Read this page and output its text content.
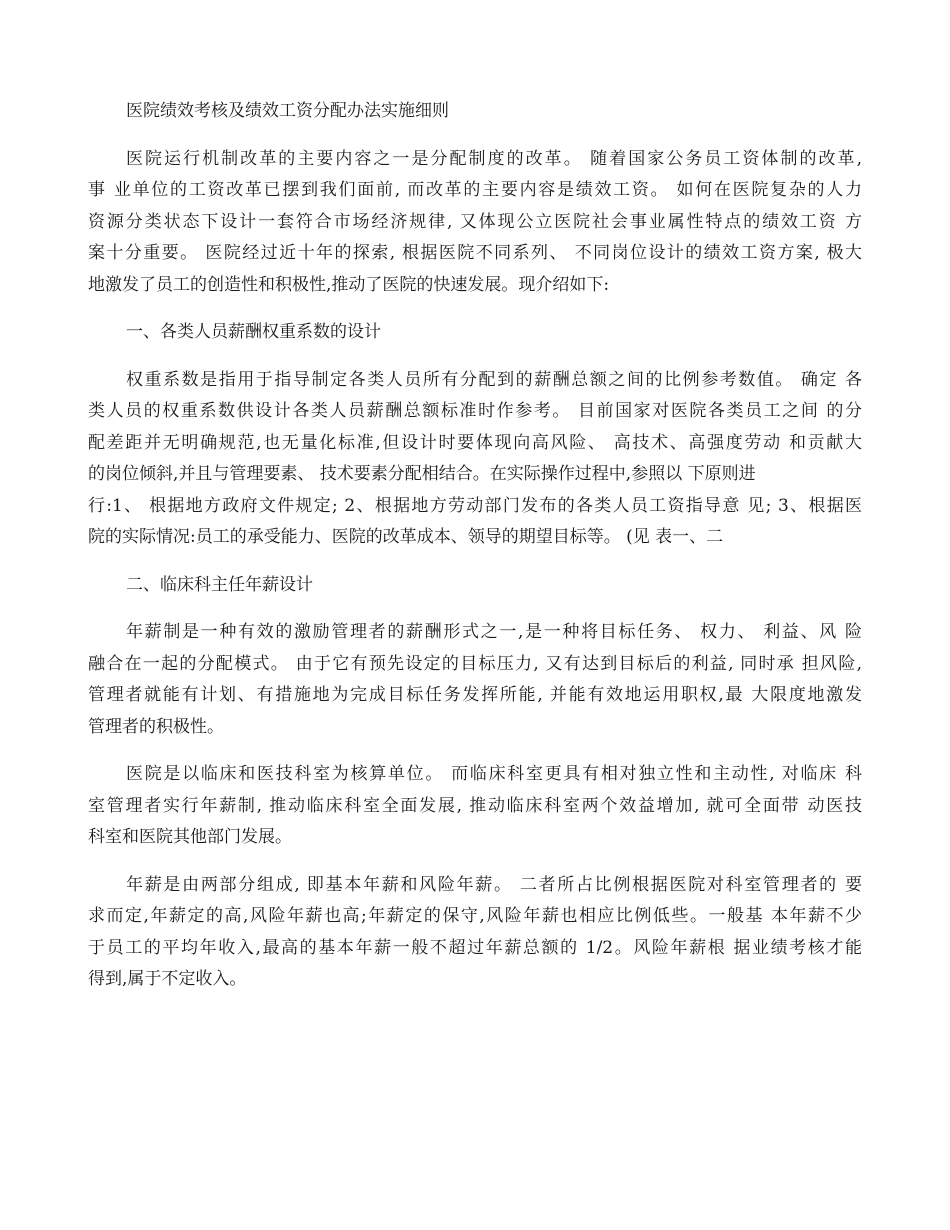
医院绩效考核及绩效工资分配办法实施细则
医院运行机制改革的主要内容之一是分配制度的改革。 随着国家公务员工资体制的改革,
事 业单位的工资改革已摆到我们面前, 而改革的主要内容是绩效工资。 如何在医院复杂的人力
资源分类状态下设计一套符合市场经济规律, 又体现公立医院社会事业属性特点的绩效工资 方
案十分重要。 医院经过近十年的探索, 根据医院不同系列、 不同岗位设计的绩效工资方案, 极大
地激发了员工的创造性和积极性,推动了医院的快速发展。现介绍如下:
一、各类人员薪酬权重系数的设计
权重系数是指用于指导制定各类人员所有分配到的薪酬总额之间的比例参考数值。 确定 各
类人员的权重系数供设计各类人员薪酬总额标准时作参考。 目前国家对医院各类员工之间 的分
配差距并无明确规范,也无量化标准,但设计时要体现向高风险、 高技术、高强度劳动 和贡献大
的岗位倾斜,并且与管理要素、 技术要素分配相结合。在实际操作过程中,参照以 下原则进
行:1、 根据地方政府文件规定; 2、根据地方劳动部门发布的各类人员工资指导意 见; 3、根据医
院的实际情况:员工的承受能力、医院的改革成本、领导的期望目标等。 (见 表一、二
二、临床科主任年薪设计
年薪制是一种有效的激励管理者的薪酬形式之一,是一种将目标任务、 权力、 利益、风 险
融合在一起的分配模式。 由于它有预先设定的目标压力, 又有达到目标后的利益, 同时承 担风险,
管理者就能有计划、有措施地为完成目标任务发挥所能, 并能有效地运用职权,最 大限度地激发
管理者的积极性。
医院是以临床和医技科室为核算单位。 而临床科室更具有相对独立性和主动性, 对临床 科
室管理者实行年薪制, 推动临床科室全面发展, 推动临床科室两个效益增加, 就可全面带 动医技
科室和医院其他部门发展。
年薪是由两部分组成, 即基本年薪和风险年薪。 二者所占比例根据医院对科室管理者的 要
求而定,年薪定的高,风险年薪也高;年薪定的保守,风险年薪也相应比例低些。一般基 本年薪不少
于员工的平均年收入,最高的基本年薪一般不超过年薪总额的 1/2。风险年薪根 据业绩考核才能
得到,属于不定收入。
